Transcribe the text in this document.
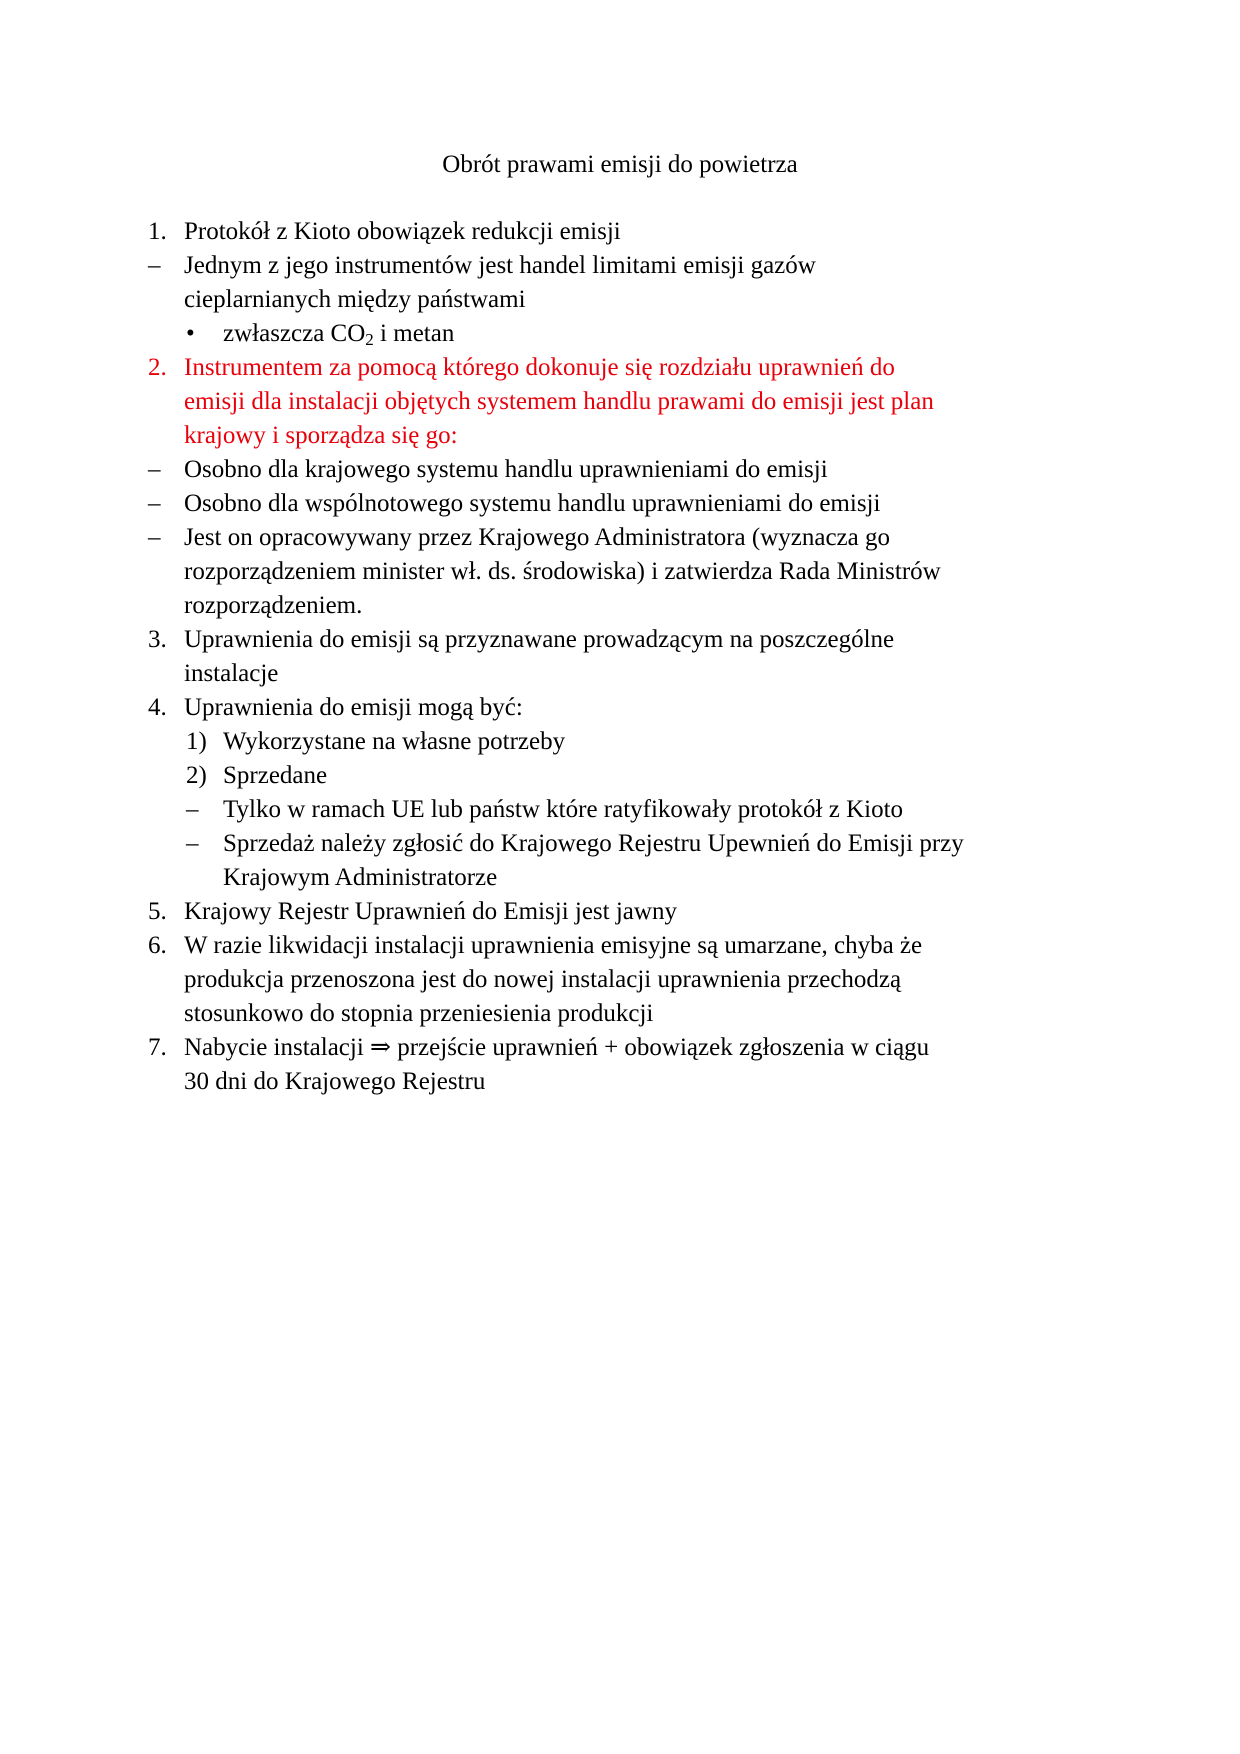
Obrót prawami emisji do powietrza
1. Protokół z Kioto obowiązek redukcji emisji
– Jednym z jego instrumentów jest handel limitami emisji gazów
cieplarnianych między państwami
• zwłaszcza $CO_2$ i metan
2. Instrumentem za pomocą którego dokonuje się rozdziału uprawnień do
emisji dla instalacji objętych systemem handlu prawami do emisji jest plan
krajowy i sporządza się go:
– Osobno dla krajowego systemu handlu uprawnieniami do emisji
– Osobno dla wspólnotowego systemu handlu uprawnieniami do emisji
– Jest on opracowywany przez Krajowego Administratora (wyznacza go
rozporządzeniem minister wł. ds. środowiska) i zatwierdza Rada Ministrów
rozporządzeniem.
3. Uprawnienia do emisji są przyznawane prowadzącym na poszczególne
instalacje
4. Uprawnienia do emisji mogą być:
1) Wykorzystane na własne potrzeby
2) Sprzedane
– Tylko w ramach UE lub państw które ratyfikowały protokół z Kioto
– Sprzedaż należy zgłosić do Krajowego Rejestru Upewnień do Emisji przy
Krajowym Administratorze
5. Krajowy Rejestr Uprawnień do Emisji jest jawny
6. W razie likwidacji instalacji uprawnienia emisyjne są umarzane, chyba że
produkcja przenoszona jest do nowej instalacji uprawnienia przechodzą
stosunkowo do stopnia przeniesienia produkcji
7. Nabycie instalacji ⇒ przejście uprawnień + obowiązek zgłoszenia w ciągu
30 dni do Krajowego Rejestru
